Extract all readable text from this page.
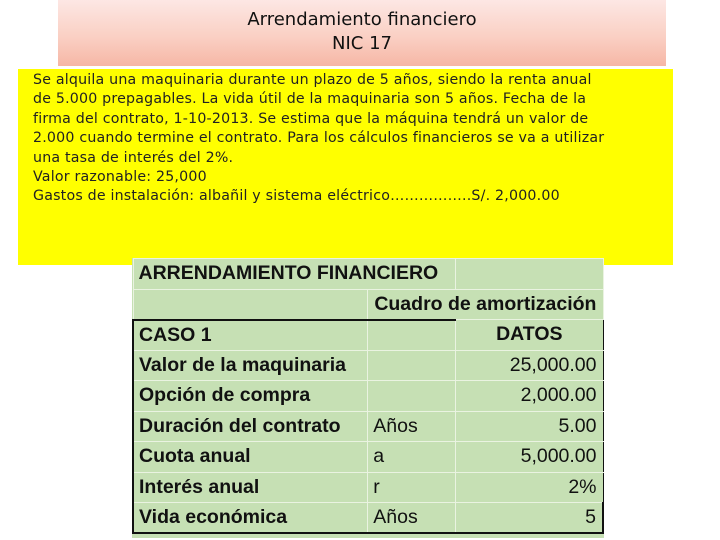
Arrendamiento financiero
NIC 17

Se alquila una maquinaria durante un plazo de 5 años, siendo la renta anual

de 5.000 prepagables. La vida útil de la maquinaria son 5 años. Fecha de la

firma del contrato, 1-10-2013. Se estima que la máquina tendrá un valor de

2.000 cuando termine el contrato. Para los cálculos financieros se va a utilizar

una tasa de interés del 2%.

Valor razonable: 25,000

Gastos de instalación: albañil y sistema eléctrico……………..S/. 2,000.00

ARRENDAMIENTO FINANCIERO		
	Cuadro de amortización	
CASO 1		DATOS
Valor de la maquinaria		25,000.00
Opción de compra		2,000.00
Duración del contrato	Años	5.00
Cuota anual	a	5,000.00
Interés anual	r	2%
Vida económica	Años	5
